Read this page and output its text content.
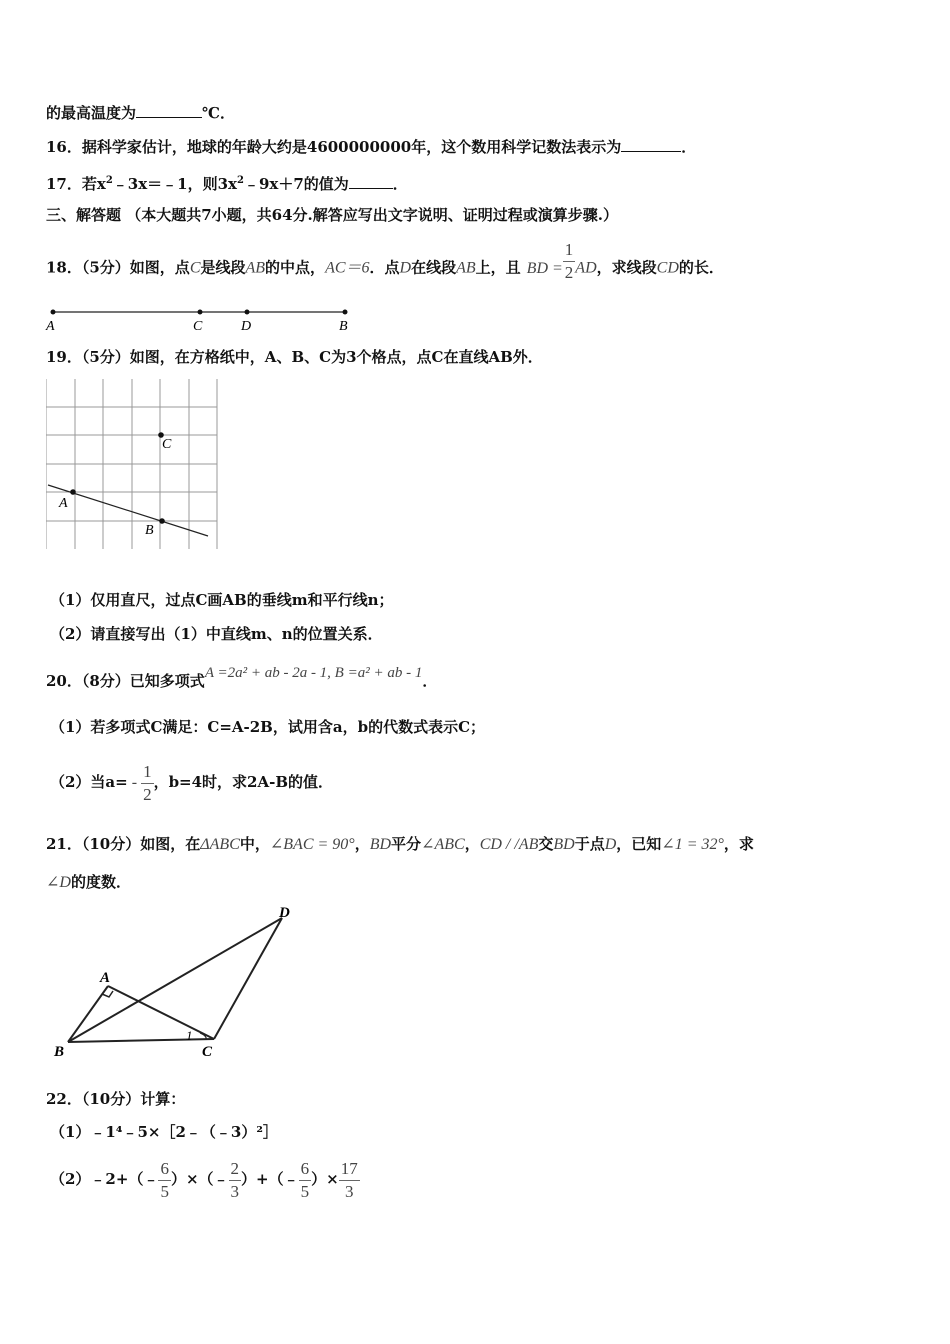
的最高温度为	℃．
16．据科学家估计，地球的年龄大约是4600000000年，这个数用科学记数法表示为	．
17．若$x^2﹣3x=﹣1$，则$3x^2﹣9x+7$的值为	．
三、解答题 （本大题共7小题，共64分.解答应写出文字说明、证明过程或演算步骤.）
18．（5分）如图，点C是线段AB的中点，AC＝6．点D在线段AB上，且 BD = $\frac{1}{2}$ AD，求线段CD的长．
A	C	D	B
19．（5分）如图，在方格纸中，A、B、C为3个格点，点C在直线AB外．
A
B
C
（1）仅用直尺，过点C画AB的垂线m和平行线n；
（2）请直接写出（1）中直线m、n的位置关系．
20．（8分）已知多项式A =2a² + ab - 2a - 1, B =a² + ab - 1．
（1）若多项式C满足：C=A-2B，试用含a，b的代数式表示C；
（2）当$a= - \frac{1}{2}$ ，b=4时，求2A-B的值．
21．（10分）如图，在ΔABC中，∠BAC = 90°，BD平分∠ABC，CD / /AB交BD于点D，已知∠1 = 32°，求
∠D的度数．
A
B	C
D
1
22．（10分）计算：
（1）﹣1⁴﹣5×［2﹣（﹣3）²］
（2）﹣2+（﹣ $\frac{6}{5}$ ）×（﹣ $\frac{2}{3}$ ）+（﹣ $\frac{6}{5}$ ）× $\frac{17}{3}$
